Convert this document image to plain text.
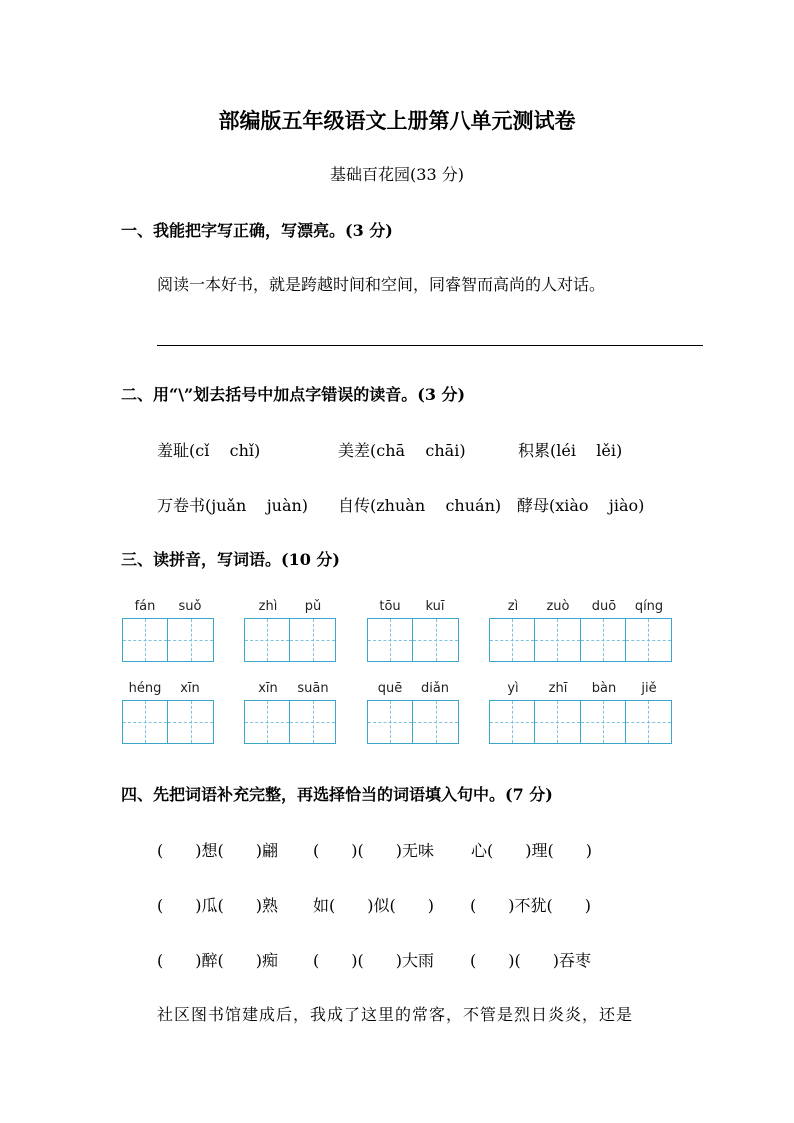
部编版五年级语文上册第八单元测试卷
基础百花园(33 分)
一、我能把字写正确，写漂亮。(3 分)
阅读一本好书，就是跨越时间和空间，同睿智而高尚的人对话。
二、用“\”划去括号中加点字错误的读音。(3 分)
羞耻(cǐ    chǐ)	美差(chā    chāi)	积累(léi    lěi)
万卷书(juǎn    juàn) 自传(zhuàn    chuán) 酵母(xiào    jiào)
三、读拼音，写词语。(10 分)
fán	suǒ	zhì	pǔ	tōu	kuī	zì	zuò	duō	qíng
héng	xīn	xīn	suān	quē	diǎn	yì	zhī	bàn	jiě
四、先把词语补充完整，再选择恰当的词语填入句中。(7 分)
(　　)想(　　)翩 (　　)(　　)无味 心(　　)理(　　)
(　　)瓜(　　)熟 如(　　)似(　　) (　　)不犹(　　)
(　　)醉(　　)痴 (　　)(　　)大雨 (　　)(　　)吞枣
社区图书馆建成后，我成了这里的常客，不管是烈日炎炎，还是
